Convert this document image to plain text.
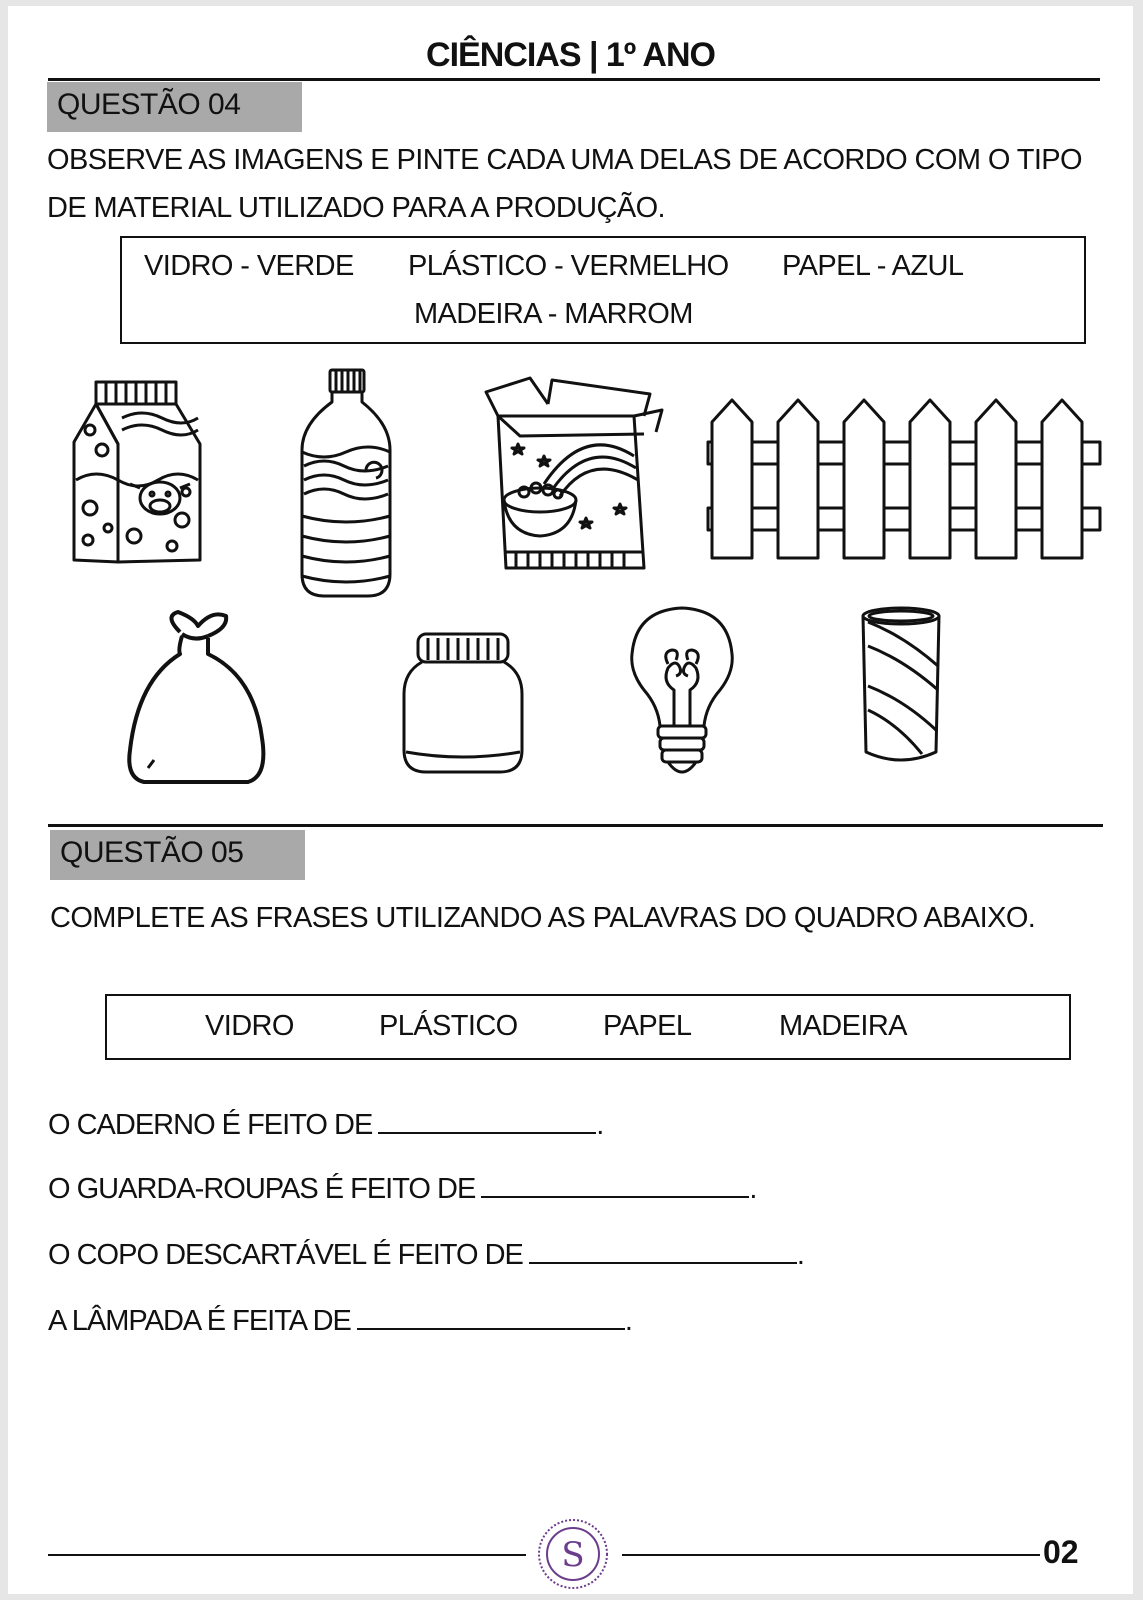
CIÊNCIAS | 1º ANO
QUESTÃO 04
OBSERVE AS IMAGENS E PINTE CADA UMA DELAS DE ACORDO COM O TIPO DE MATERIAL UTILIZADO PARA A PRODUÇÃO.
VIDRO - VERDE PLÁSTICO - VERMELHO PAPEL - AZUL
MADEIRA - MARROM
QUESTÃO 05
COMPLETE AS FRASES UTILIZANDO AS PALAVRAS DO QUADRO ABAIXO.
VIDRO	PLÁSTICO	PAPEL	MADEIRA
O CADERNO É FEITO DE	.
O GUARDA-ROUPAS É FEITO DE	.
O COPO DESCARTÁVEL É FEITO DE	.
A LÂMPADA É FEITA DE	.
S	02
